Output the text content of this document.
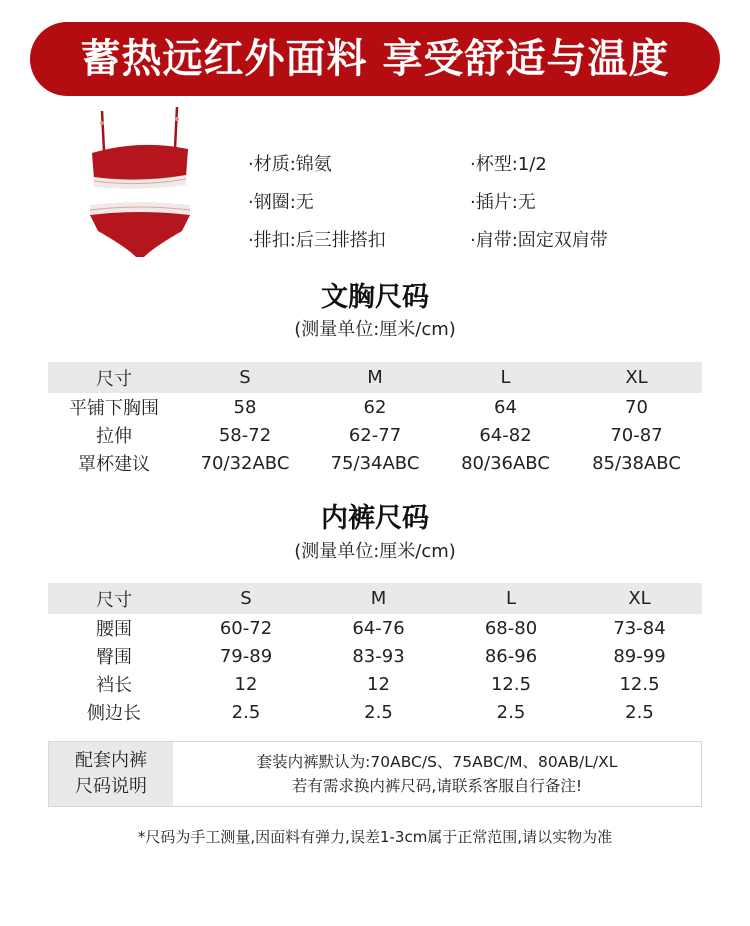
蓄热远红外面料 享受舒适与温度
·材质:锦氨	·杯型:1/2
·钢圈:无	·插片:无
·排扣:后三排搭扣	·肩带:固定双肩带
文胸尺码
(测量单位:厘米/cm)
尺寸	S	M	L	XL
平铺下胸围	58	62	64	70
拉伸	58-72	62-77	64-82	70-87
罩杯建议	70/32ABC	75/34ABC	80/36ABC	85/38ABC
内裤尺码
(测量单位:厘米/cm)
尺寸	S	M	L	XL
腰围	60-72	64-76	68-80	73-84
臀围	79-89	83-93	86-96	89-99
裆长	12	12	12.5	12.5
侧边长	2.5	2.5	2.5	2.5
配套内裤
尺码说明
套装内裤默认为:70ABC/S、75ABC/M、80AB/L/XL
若有需求换内裤尺码,请联系客服自行备注!
*尺码为手工测量,因面料有弹力,误差1-3cm属于正常范围,请以实物为准
